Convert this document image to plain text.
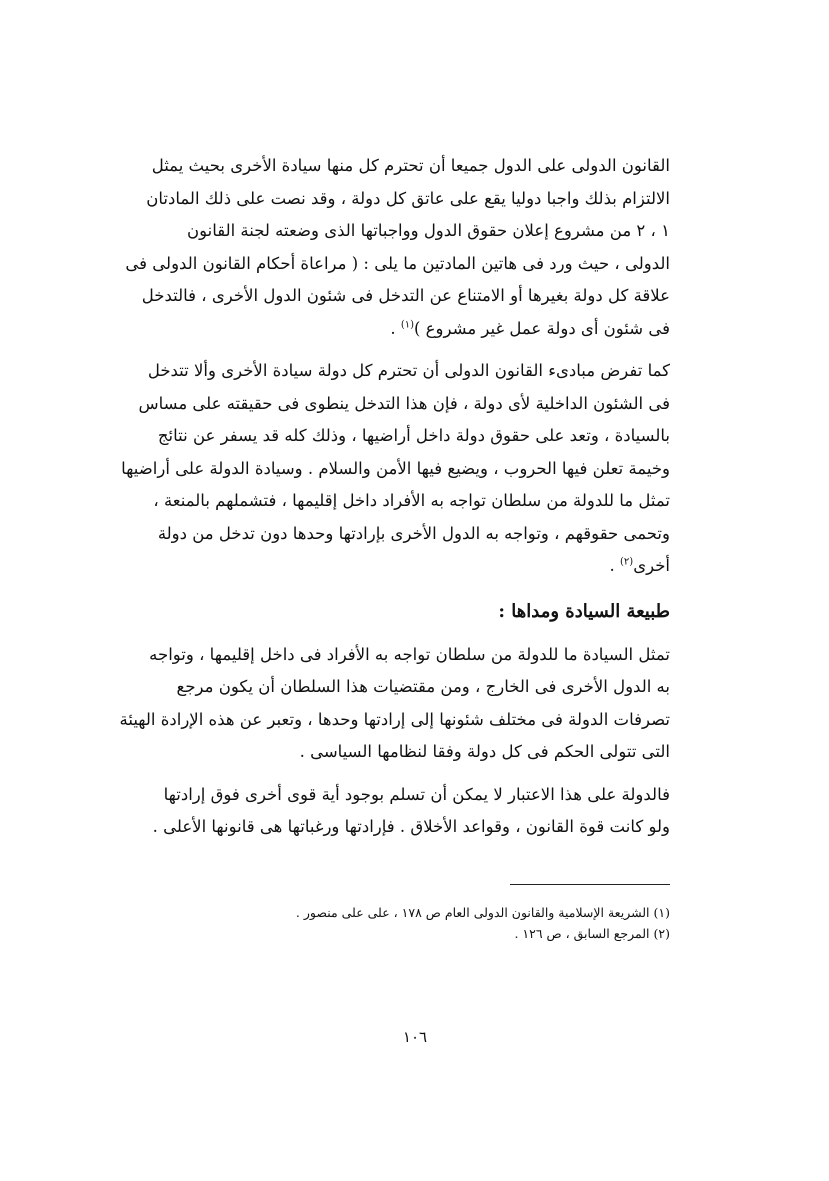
القانون الدولى على الدول جميعا أن تحترم كل منها سيادة الأخرى بحيث يمثل
الالتزام بذلك واجبا دوليا يقع على عاتق كل دولة ، وقد نصت على ذلك المادتان
١ ، ٢ من مشروع إعلان حقوق الدول وواجباتها الذى وضعته لجنة القانون
الدولى ، حيث ورد فى هاتين المادتين ما يلى : ( مراعاة أحكام القانون الدولى فى
علاقة كل دولة بغيرها أو الامتناع عن التدخل فى شئون الدول الأخرى ، فالتدخل
فى شئون أى دولة عمل غير مشروع )$^{(١)}$ .

كما تفرض مبادىء القانون الدولى أن تحترم كل دولة سيادة الأخرى وألا تتدخل
فى الشئون الداخلية لأى دولة ، فإن هذا التدخل ينطوى فى حقيقته على مساس
بالسيادة ، وتعد على حقوق دولة داخل أراضيها ، وذلك كله قد يسفر عن نتائج
وخيمة تعلن فيها الحروب ، ويضيع فيها الأمن والسلام . وسيادة الدولة على أراضيها
تمثل ما للدولة من سلطان تواجه به الأفراد داخل إقليمها ، فتشملهم بالمنعة ،
وتحمى حقوقهم ، وتواجه به الدول الأخرى بإرادتها وحدها دون تدخل من دولة
أخرى$^{(٢)}$ .

طبيعة السيادة ومداها :

تمثل السيادة ما للدولة من سلطان تواجه به الأفراد فى داخل إقليمها ، وتواجه
به الدول الأخرى فى الخارج ، ومن مقتضيات هذا السلطان أن يكون مرجع
تصرفات الدولة فى مختلف شئونها إلى إرادتها وحدها ، وتعبر عن هذه الإرادة الهيئة
التى تتولى الحكم فى كل دولة وفقا لنظامها السياسى .

فالدولة على هذا الاعتبار لا يمكن أن تسلم بوجود أية قوى أخرى فوق إرادتها
ولو كانت قوة القانون ، وقواعد الأخلاق . فإرادتها ورغباتها هى قانونها الأعلى .

(١) الشريعة الإسلامية والقانون الدولى العام ص ١٧٨ ، على على منصور .
(٢) المرجع السابق ، ص ١٢٦ .
١٠٦
